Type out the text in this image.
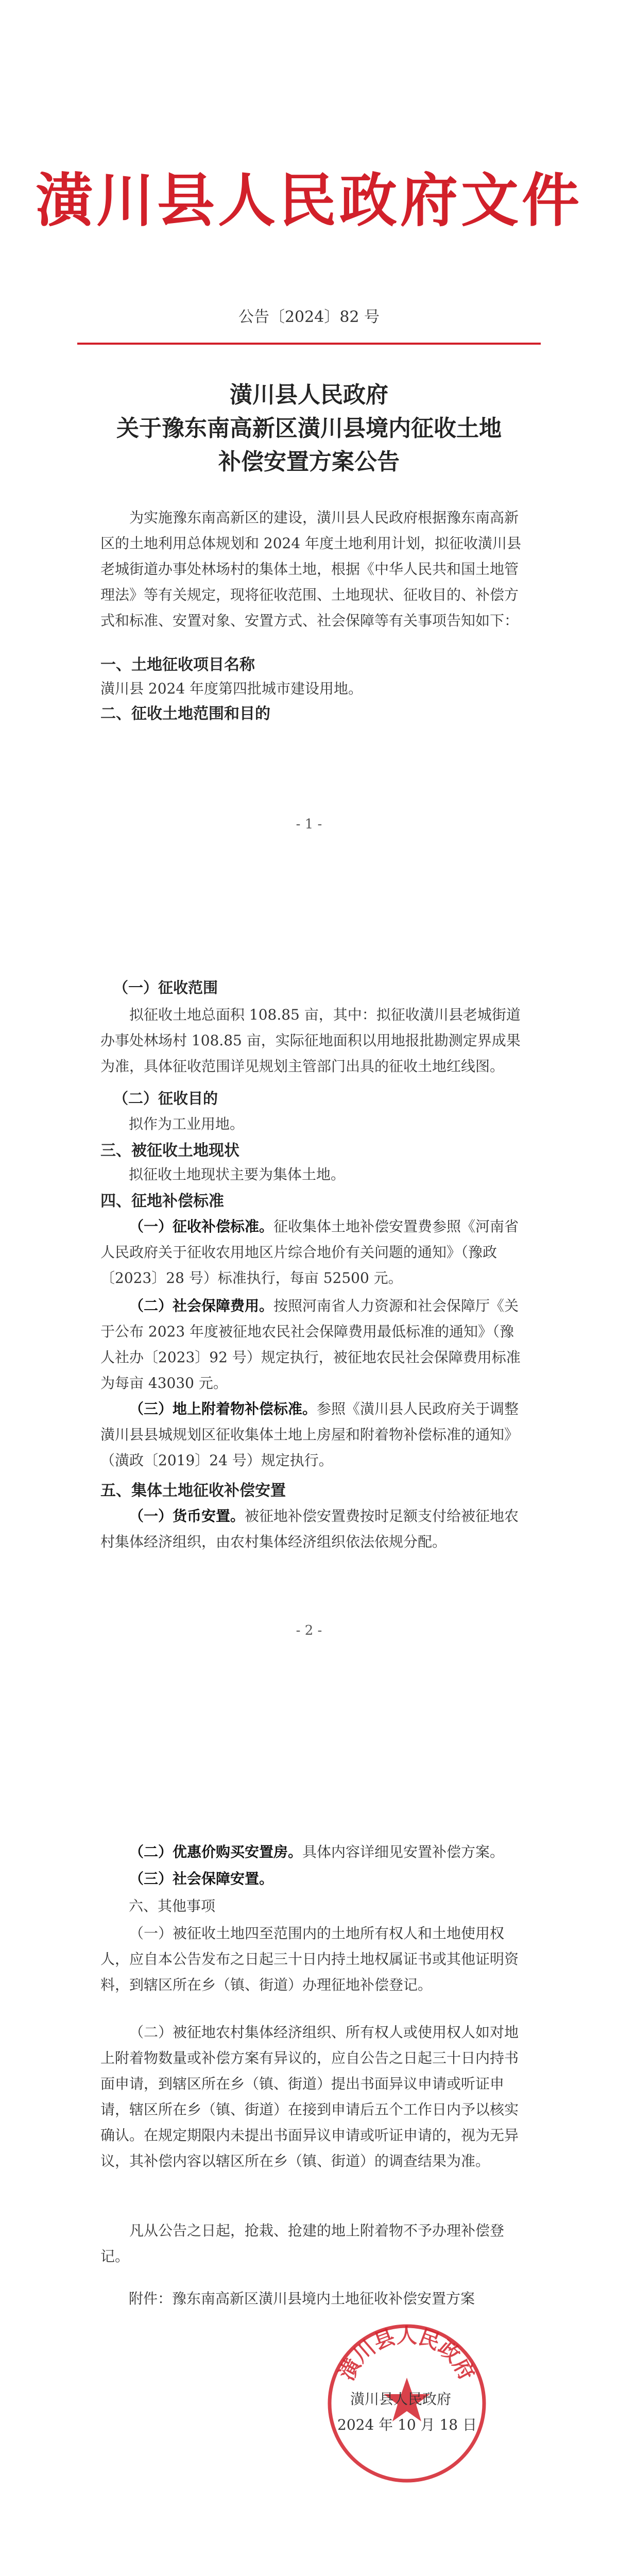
潢川县人民政府文件
公告〔2024〕82 号
潢川县人民政府
关于豫东南高新区潢川县境内征收土地
补偿安置方案公告
为实施豫东南高新区的建设，潢川县人民政府根据豫东南高新区的土地利用总体规划和 2024 年度土地利用计划，拟征收潢川县老城街道办事处林场村的集体土地，根据《中华人民共和国土地管理法》等有关规定，现将征收范围、土地现状、征收目的、补偿方式和标准、安置对象、安置方式、社会保障等有关事项告知如下：
一、土地征收项目名称
潢川县 2024 年度第四批城市建设用地。
二、征收土地范围和目的
- 1 -
（一）征收范围
拟征收土地总面积 108.85 亩，其中：拟征收潢川县老城街道办事处林场村 108.85 亩，实际征地面积以用地报批勘测定界成果为准，具体征收范围详见规划主管部门出具的征收土地红线图。
（二）征收目的
拟作为工业用地。
三、被征收土地现状
拟征收土地现状主要为集体土地。
四、征地补偿标准
（一）征收补偿标准。征收集体土地补偿安置费参照《河南省人民政府关于征收农用地区片综合地价有关问题的通知》（豫政〔2023〕28 号）标准执行，每亩 52500 元。
（二）社会保障费用。按照河南省人力资源和社会保障厅《关于公布 2023 年度被征地农民社会保障费用最低标准的通知》（豫人社办〔2023〕92 号）规定执行，被征地农民社会保障费用标准为每亩 43030 元。
（三）地上附着物补偿标准。参照《潢川县人民政府关于调整潢川县县城规划区征收集体土地上房屋和附着物补偿标准的通知》（潢政〔2019〕24 号）规定执行。
五、集体土地征收补偿安置
（一）货币安置。被征地补偿安置费按时足额支付给被征地农村集体经济组织，由农村集体经济组织依法依规分配。
- 2 -
（二）优惠价购买安置房。具体内容详细见安置补偿方案。
（三）社会保障安置。
六、其他事项
（一）被征收土地四至范围内的土地所有权人和土地使用权人，应自本公告发布之日起三十日内持土地权属证书或其他证明资料，到辖区所在乡（镇、街道）办理征地补偿登记。
（二）被征地农村集体经济组织、所有权人或使用权人如对地上附着物数量或补偿方案有异议的，应自公告之日起三十日内持书面申请，到辖区所在乡（镇、街道）提出书面异议申请或听证申请，辖区所在乡（镇、街道）在接到申请后五个工作日内予以核实确认。在规定期限内未提出书面异议申请或听证申请的，视为无异议，其补偿内容以辖区所在乡（镇、街道）的调查结果为准。
凡从公告之日起，抢栽、抢建的地上附着物不予办理补偿登记。
附件：豫东南高新区潢川县境内土地征收补偿安置方案
潢川县人民政府
潢川县人民政府
2024 年 10 月 18 日
